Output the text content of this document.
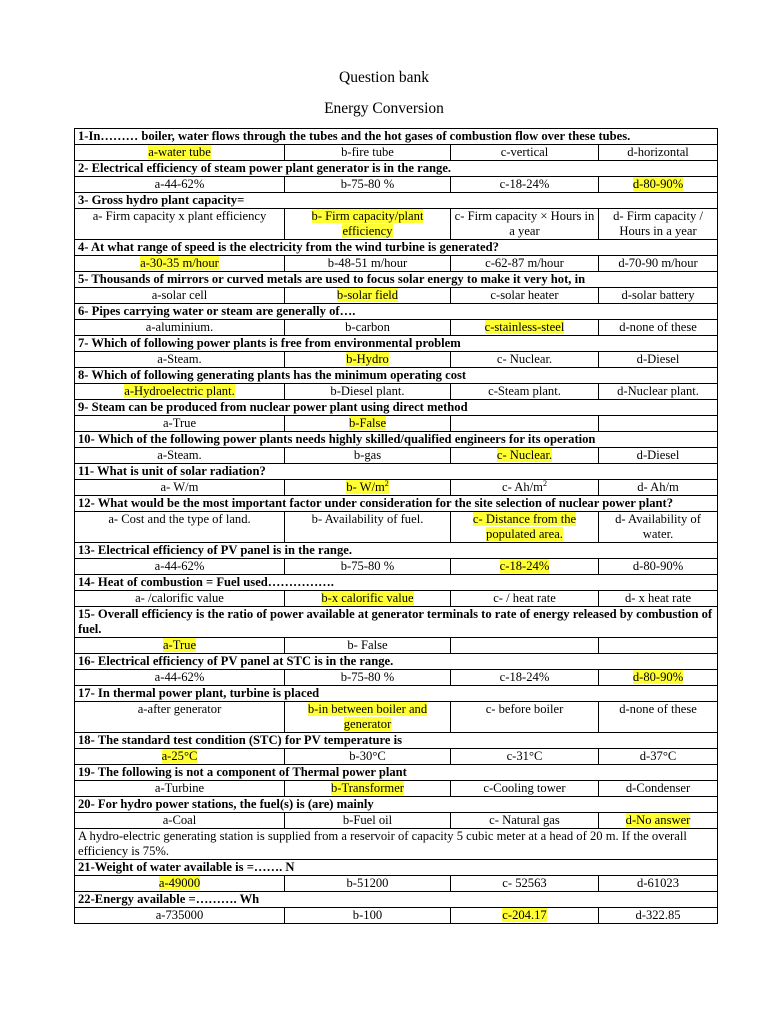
Question bank
Energy Conversion
1-In……… boiler, water flows through the tubes and the hot gases of combustion flow over these tubes.			
a-water tube	b-fire tube	c-vertical	d-horizontal
2- Electrical efficiency of steam power plant generator is in the range.			
a-44-62%	b-75-80 %	c-18-24%	d-80-90%
3- Gross hydro plant capacity=			
a- Firm capacity x plant efficiency	b- Firm capacity/plant efficiency	c- Firm capacity × Hours in a year	d- Firm capacity / Hours in a year
4- At what range of speed is the electricity from the wind turbine is generated?			
a-30-35 m/hour	b-48-51 m/hour	c-62-87 m/hour	d-70-90 m/hour
5- Thousands of mirrors or curved metals are used to focus solar energy to make it very hot, in			
a-solar cell	b-solar field	c-solar heater	d-solar battery
6- Pipes carrying water or steam are generally of….			
a-aluminium.	b-carbon	c-stainless-steel	d-none of these
7- Which of following power plants is free from environmental problem			
a-Steam.	b-Hydro	c- Nuclear.	d-Diesel
8- Which of following generating plants has the minimum operating cost			
a-Hydroelectric plant.	b-Diesel plant.	c-Steam plant.	d-Nuclear plant.
9- Steam can be produced from nuclear power plant using direct method			
a-True	b-False		
10- Which of the following power plants needs highly skilled/qualified engineers for its operation			
a-Steam.	b-gas	c- Nuclear.	d-Diesel
11- What is unit of solar radiation?			
a- W/m	b- $W/m^2$	c- $Ah/m^2$	d- Ah/m
12- What would be the most important factor under consideration for the site selection of nuclear power plant?			
a- Cost and the type of land.	b- Availability of fuel.	c- Distance from the populated area.	d- Availability of water.
13- Electrical efficiency of PV panel is in the range.			
a-44-62%	b-75-80 %	c-18-24%	d-80-90%
14- Heat of combustion = Fuel used…………….			
a- /calorific value	b-x calorific value	c- / heat rate	d- x heat rate
15- Overall efficiency is the ratio of power available at generator terminals to rate of energy released by combustion of fuel.			
a-True	b- False		
16- Electrical efficiency of PV panel at STC is in the range.			
a-44-62%	b-75-80 %	c-18-24%	d-80-90%
17- In thermal power plant, turbine is placed			
a-after generator	b-in between boiler and generator	c- before boiler	d-none of these
18- The standard test condition (STC) for PV temperature is			
a-25°C	b-30°C	c-31°C	d-37°C
19- The following is not a component of Thermal power plant			
a-Turbine	b-Transformer	c-Cooling tower	d-Condenser
20- For hydro power stations, the fuel(s) is (are) mainly			
a-Coal	b-Fuel oil	c- Natural gas	d-No answer
A hydro-electric generating station is supplied from a reservoir of capacity 5 cubic meter at a head of 20 m. If the overall efficiency is 75%.			
21-Weight of water available is =……. N			
a-49000	b-51200	c- 52563	d-61023
22-Energy available =………. Wh			
a-735000	b-100	c-204.17	d-322.85
